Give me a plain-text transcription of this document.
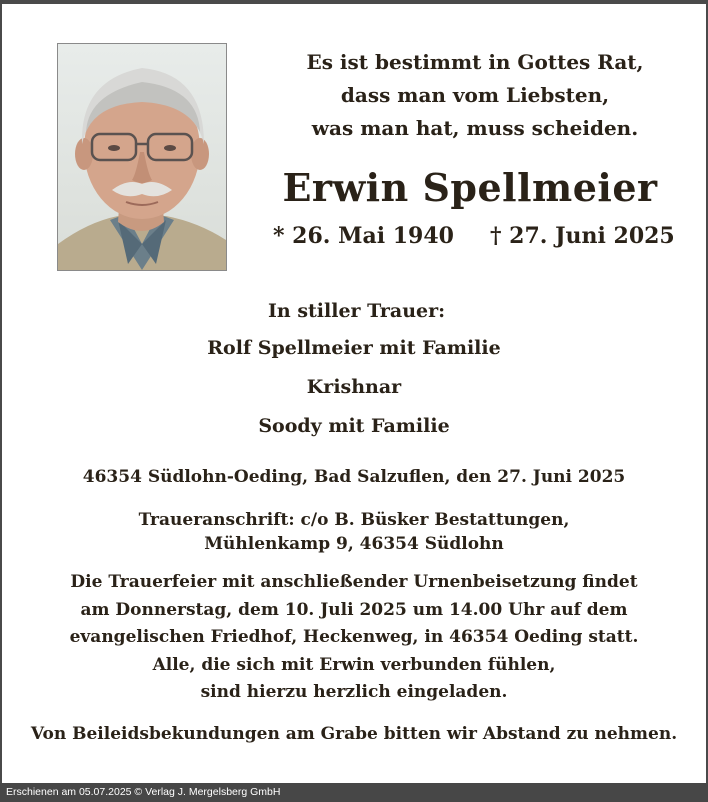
Es ist bestimmt in Gottes Rat,
dass man vom Liebsten,
was man hat, muss scheiden.
Erwin Spellmeier
* 26. Mai 1940 † 27. Juni 2025
In stiller Trauer:
Rolf Spellmeier mit Familie
Krishnar
Soody mit Familie
46354 Südlohn-Oeding, Bad Salzuflen, den 27. Juni 2025
Traueranschrift: c/o B. Büsker Bestattungen,
Mühlenkamp 9, 46354 Südlohn
Die Trauerfeier mit anschließender Urnenbeisetzung findet
am Donnerstag, dem 10. Juli 2025 um 14.00 Uhr auf dem
evangelischen Friedhof, Heckenweg, in 46354 Oeding statt.
Alle, die sich mit Erwin verbunden fühlen,
sind hierzu herzlich eingeladen.
Von Beileidsbekundungen am Grabe bitten wir Abstand zu nehmen.
Erschienen am 05.07.2025 © Verlag J. Mergelsberg GmbH
